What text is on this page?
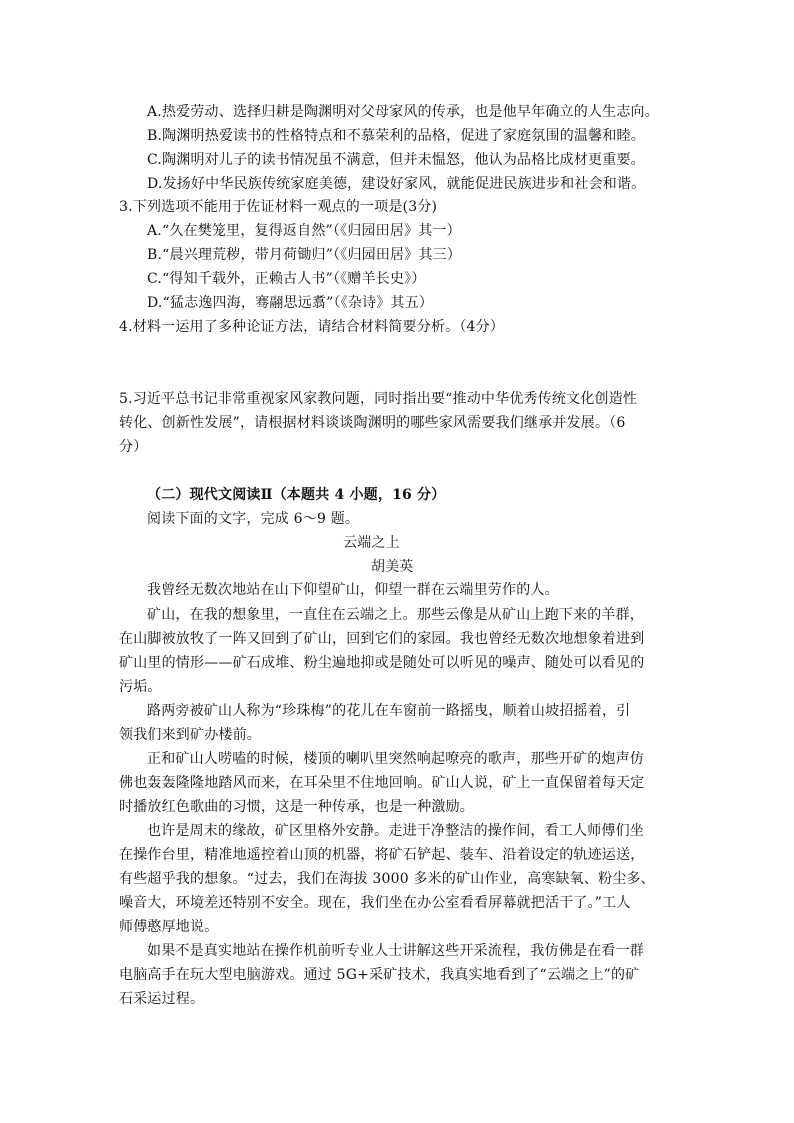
A.热爱劳动、选择归耕是陶渊明对父母家风的传承，也是他早年确立的人生志向。
B.陶渊明热爱读书的性格特点和不慕荣利的品格，促进了家庭氛围的温馨和睦。
C.陶渊明对儿子的读书情况虽不满意，但并未愠怒，他认为品格比成材更重要。
D.发扬好中华民族传统家庭美德，建设好家风，就能促进民族进步和社会和谐。
3.下列选项不能用于佐证材料一观点的一项是(3分)
A.“久在樊笼里，复得返自然”（《归园田居》其一）
B.“晨兴理荒秽，带月荷锄归”（《归园田居》其三）
C.“得知千载外，正赖古人书”（《赠羊长史》）
D.“猛志逸四海，骞翮思远翥”（《杂诗》其五）
4.材料一运用了多种论证方法，请结合材料简要分析。（4分）
5.习近平总书记非常重视家风家教问题，同时指出要“推动中华优秀传统文化创造性
转化、创新性发展”，请根据材料谈谈陶渊明的哪些家风需要我们继承并发展。（6
分）
（二）现代文阅读Ⅱ（本题共 4 小题，16 分）
阅读下面的文字，完成 6～9 题。
云端之上
胡美英
我曾经无数次地站在山下仰望矿山，仰望一群在云端里劳作的人。
矿山，在我的想象里，一直住在云端之上。那些云像是从矿山上跑下来的羊群，
在山脚被放牧了一阵又回到了矿山，回到它们的家园。我也曾经无数次地想象着进到
矿山里的情形——矿石成堆、粉尘遍地抑或是随处可以听见的噪声、随处可以看见的
污垢。
路两旁被矿山人称为“珍珠梅”的花儿在车窗前一路摇曳，顺着山坡招摇着，引
领我们来到矿办楼前。
正和矿山人唠嗑的时候，楼顶的喇叭里突然响起嘹亮的歌声，那些开矿的炮声仿
佛也轰轰隆隆地踏风而来，在耳朵里不住地回响。矿山人说，矿上一直保留着每天定
时播放红色歌曲的习惯，这是一种传承，也是一种激励。
也许是周末的缘故，矿区里格外安静。走进干净整洁的操作间，看工人师傅们坐
在操作台里，精准地遥控着山顶的机器，将矿石铲起、装车、沿着设定的轨迹运送，
有些超乎我的想象。“过去，我们在海拔 3000 多米的矿山作业，高寒缺氧、粉尘多、
噪音大，环境差还特别不安全。现在，我们坐在办公室看看屏幕就把活干了。”工人
师傅憨厚地说。
如果不是真实地站在操作机前听专业人士讲解这些开采流程，我仿佛是在看一群
电脑高手在玩大型电脑游戏。通过 5G+采矿技术，我真实地看到了“云端之上”的矿
石采运过程。
